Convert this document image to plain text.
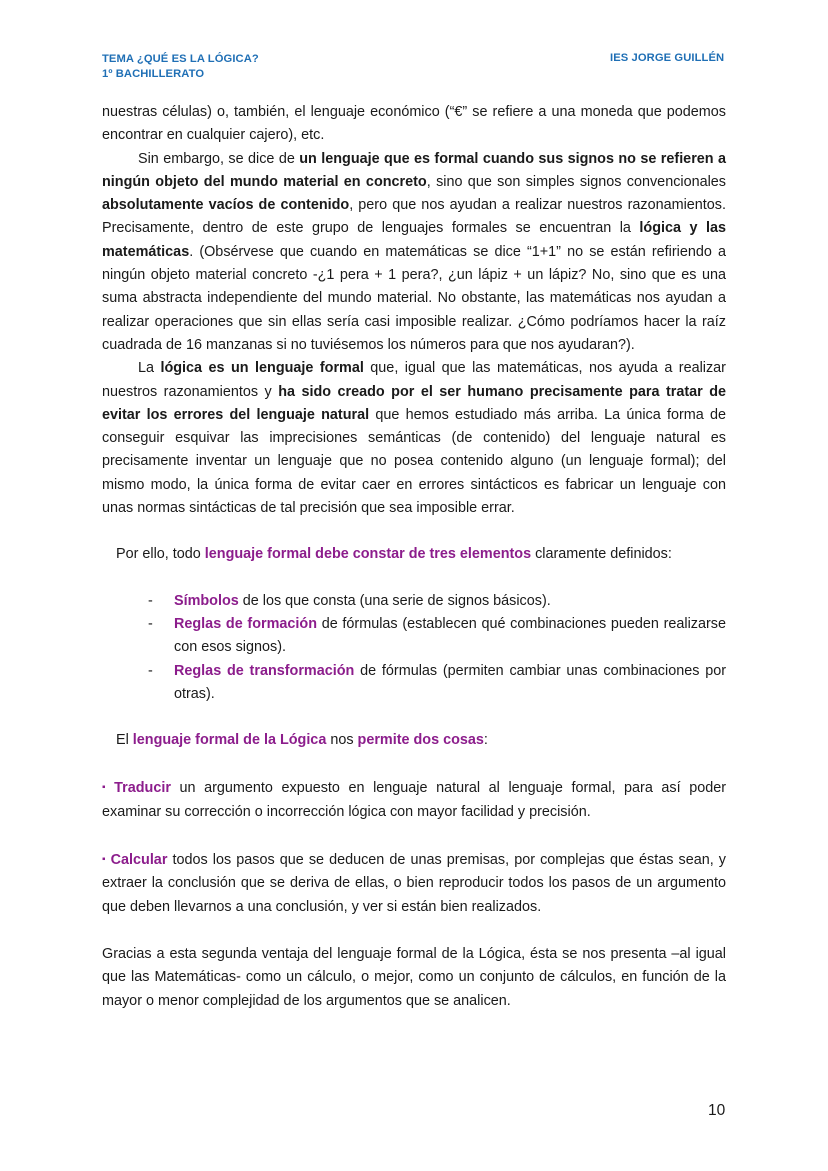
TEMA ¿QUÉ ES LA LÓGICA?
1º BACHILLERATO
IES JORGE GUILLÉN

nuestras células) o, también, el lenguaje económico (“€” se refiere a una moneda que podemos encontrar en cualquier cajero), etc.

Sin embargo, se dice de un lenguaje que es formal cuando sus signos no se refieren a ningún objeto del mundo material en concreto, sino que son simples signos convencionales absolutamente vacíos de contenido, pero que nos ayudan a realizar nuestros razonamientos. Precisamente, dentro de este grupo de lenguajes formales se encuentran la lógica y las matemáticas. (Obsérvese que cuando en matemáticas se dice “1+1” no se están refiriendo a ningún objeto material concreto -¿1 pera + 1 pera?, ¿un lápiz + un lápiz? No, sino que es una suma abstracta independiente del mundo material. No obstante, las matemáticas nos ayudan a realizar operaciones que sin ellas sería casi imposible realizar. ¿Cómo podríamos hacer la raíz cuadrada de 16 manzanas si no tuviésemos los números para que nos ayudaran?).

La lógica es un lenguaje formal que, igual que las matemáticas, nos ayuda a realizar nuestros razonamientos y ha sido creado por el ser humano precisamente para tratar de evitar los errores del lenguaje natural que hemos estudiado más arriba. La única forma de conseguir esquivar las imprecisiones semánticas (de contenido) del lenguaje natural es precisamente inventar un lenguaje que no posea contenido alguno (un lenguaje formal); del mismo modo, la única forma de evitar caer en errores sintácticos es fabricar un lenguaje con unas normas sintácticas de tal precisión que sea imposible errar.

Por ello, todo lenguaje formal debe constar de tres elementos claramente definidos:

- Símbolos de los que consta (una serie de signos básicos).
- Reglas de formación de fórmulas (establecen qué combinaciones pueden realizarse con esos signos).
- Reglas de transformación de fórmulas (permiten cambiar unas combinaciones por otras).

El lenguaje formal de la Lógica nos permite dos cosas:

▪ Traducir un argumento expuesto en lenguaje natural al lenguaje formal, para así poder examinar su corrección o incorrección lógica con mayor facilidad y precisión.

▪ Calcular todos los pasos que se deducen de unas premisas, por complejas que éstas sean, y extraer la conclusión que se deriva de ellas, o bien reproducir todos los pasos de un argumento que deben llevarnos a una conclusión, y ver si están bien realizados.

Gracias a esta segunda ventaja del lenguaje formal de la Lógica, ésta se nos presenta –al igual que las Matemáticas- como un cálculo, o mejor, como un conjunto de cálculos, en función de la mayor o menor complejidad de los argumentos que se analicen.

10
